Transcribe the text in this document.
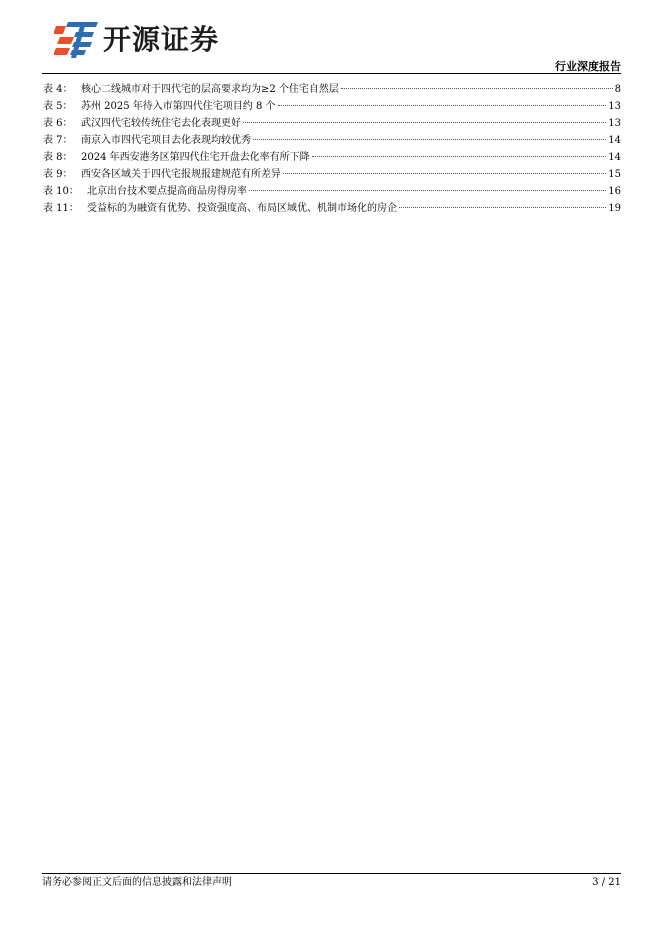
开源证券
行业深度报告
表 4： 核心二线城市对于四代宅的层高要求均为≥2 个住宅自然层	8
表 5： 苏州 2025 年待入市第四代住宅项目约 8 个	13
表 6： 武汉四代宅较传统住宅去化表现更好	13
表 7： 南京入市四代宅项目去化表现均较优秀	14
表 8： 2024 年西安港务区第四代住宅开盘去化率有所下降	14
表 9： 西安各区域关于四代宅报规报建规范有所差异	15
表 10： 北京出台技术要点提高商品房得房率	16
表 11： 受益标的为融资有优势、投资强度高、布局区域优、机制市场化的房企	19
请务必参阅正文后面的信息披露和法律声明	3 / 21
